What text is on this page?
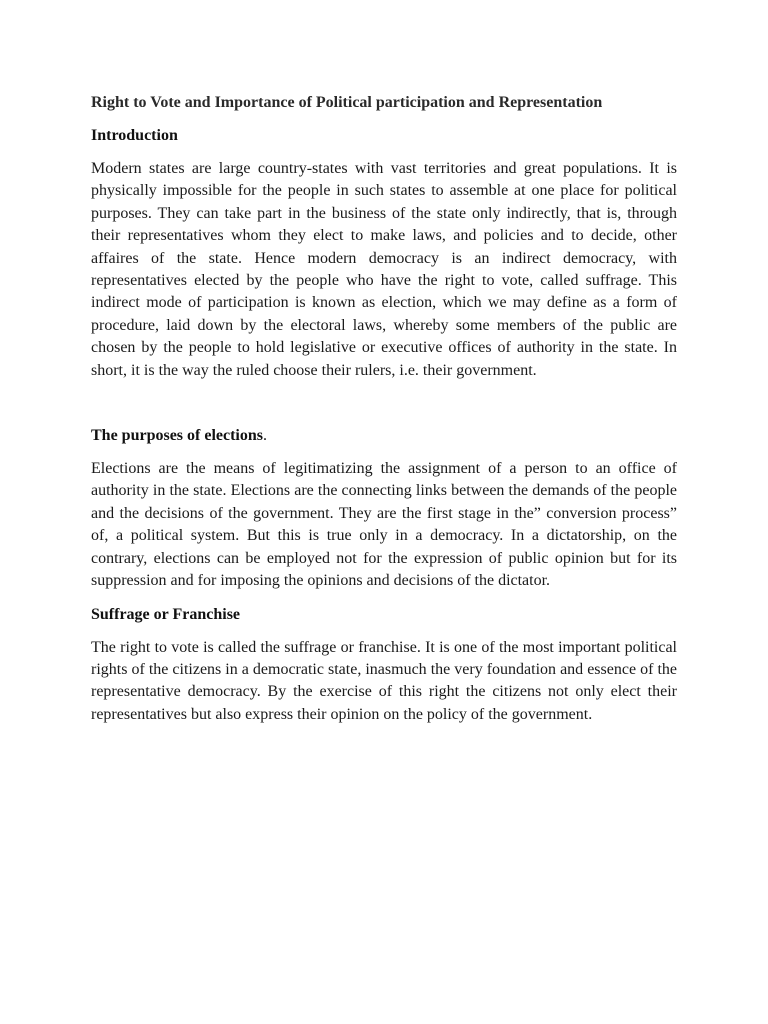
Right to Vote and Importance of Political participation and Representation

Introduction

Modern states are large country-states with vast territories and great populations. It is physically impossible for the people in such states to assemble at one place for political purposes. They can take part in the business of the state only indirectly, that is, through their representatives whom they elect to make laws, and policies and to decide, other affaires of the state. Hence modern democracy is an indirect democracy, with representatives elected by the people who have the right to vote, called suffrage. This indirect mode of participation is known as election, which we may define as a form of procedure, laid down by the electoral laws, whereby some members of the public are chosen by the people to hold legislative or executive offices of authority in the state. In short, it is the way the ruled choose their rulers, i.e. their government.

The purposes of elections.

Elections are the means of legitimatizing the assignment of a person to an office of authority in the state. Elections are the connecting links between the demands of the people and the decisions of the government. They are the first stage in the” conversion process” of, a political system. But this is true only in a democracy. In a dictatorship, on the contrary, elections can be employed not for the expression of public opinion but for its suppression and for imposing the opinions and decisions of the dictator.

Suffrage or Franchise

The right to vote is called the suffrage or franchise. It is one of the most important political rights of the citizens in a democratic state, inasmuch the very foundation and essence of the representative democracy. By the exercise of this right the citizens not only elect their representatives but also express their opinion on the policy of the government.
